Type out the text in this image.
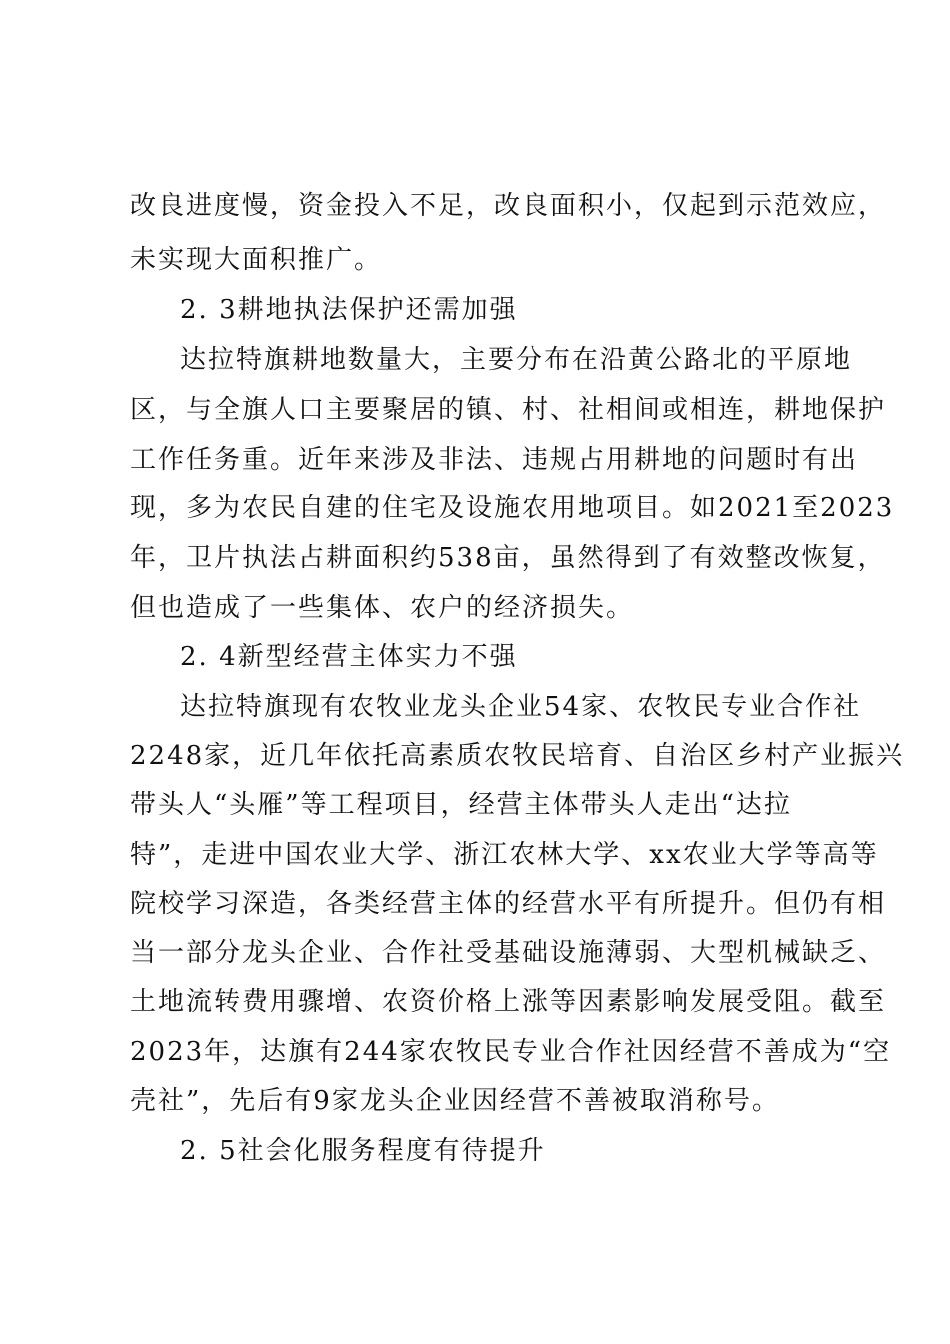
改良进度慢，资金投入不足，改良面积小，仅起到示范效应，
未实现大面积推广。
2. 3耕地执法保护还需加强
达拉特旗耕地数量大，主要分布在沿黄公路北的平原地
区，与全旗人口主要聚居的镇、村、社相间或相连，耕地保护
工作任务重。近年来涉及非法、违规占用耕地的问题时有出
现，多为农民自建的住宅及设施农用地项目。如2021至2023
年，卫片执法占耕面积约538亩，虽然得到了有效整改恢复，
但也造成了一些集体、农户的经济损失。
2. 4新型经营主体实力不强
达拉特旗现有农牧业龙头企业54家、农牧民专业合作社
2248家，近几年依托高素质农牧民培育、自治区乡村产业振兴
带头人“头雁”等工程项目，经营主体带头人走出“达拉
特”，走进中国农业大学、浙江农林大学、xx农业大学等高等
院校学习深造，各类经营主体的经营水平有所提升。但仍有相
当一部分龙头企业、合作社受基础设施薄弱、大型机械缺乏、
土地流转费用骤增、农资价格上涨等因素影响发展受阻。截至
2023年，达旗有244家农牧民专业合作社因经营不善成为“空
壳社”，先后有9家龙头企业因经营不善被取消称号。
2. 5社会化服务程度有待提升
